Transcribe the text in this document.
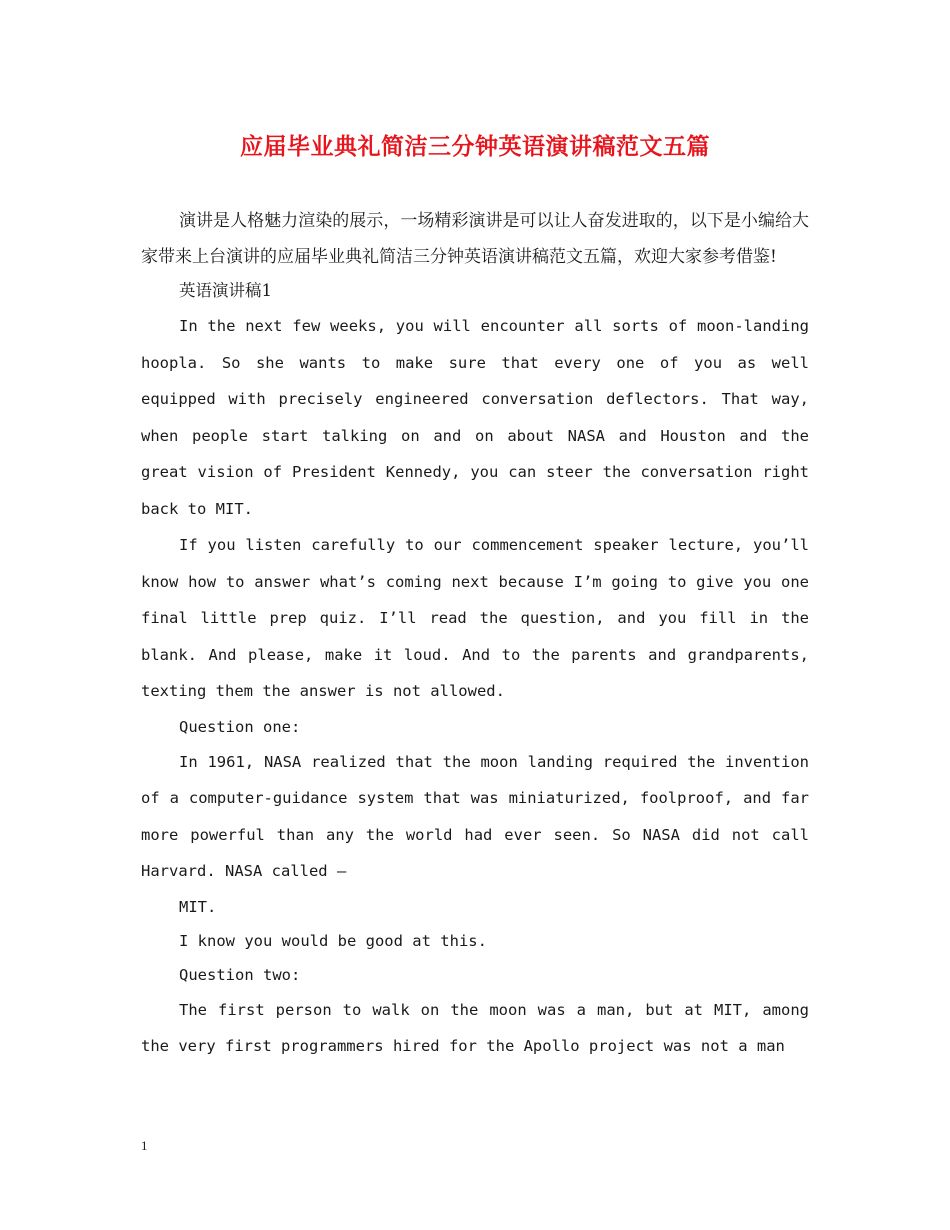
应届毕业典礼简洁三分钟英语演讲稿范文五篇

演讲是人格魅力渲染的展示，一场精彩演讲是可以让人奋发进取的，以下是小编给大家带来上台演讲的应届毕业典礼简洁三分钟英语演讲稿范文五篇，欢迎大家参考借鉴!

英语演讲稿1

In the next few weeks, you will encounter all sorts of moon-landing hoopla. So she wants to make sure that every one of you as well equipped with precisely engineered conversation deflectors. That way, when people start talking on and on about NASA and Houston and the great vision of President Kennedy, you can steer the conversation right back to MIT.

If you listen carefully to our commencement speaker lecture, you’ll know how to answer what’s coming next because I’m going to give you one final little prep quiz. I’ll read the question, and you fill in the blank. And please, make it loud. And to the parents and grandparents, texting them the answer is not allowed.

Question one:

In 1961, NASA realized that the moon landing required the invention of a computer-guidance system that was miniaturized, foolproof, and far more powerful than any the world had ever seen. So NASA did not call Harvard. NASA called –

MIT.

I know you would be good at this.

Question two:

The first person to walk on the moon was a man, but at MIT, among the very first programmers hired for the Apollo project was not a man

1
